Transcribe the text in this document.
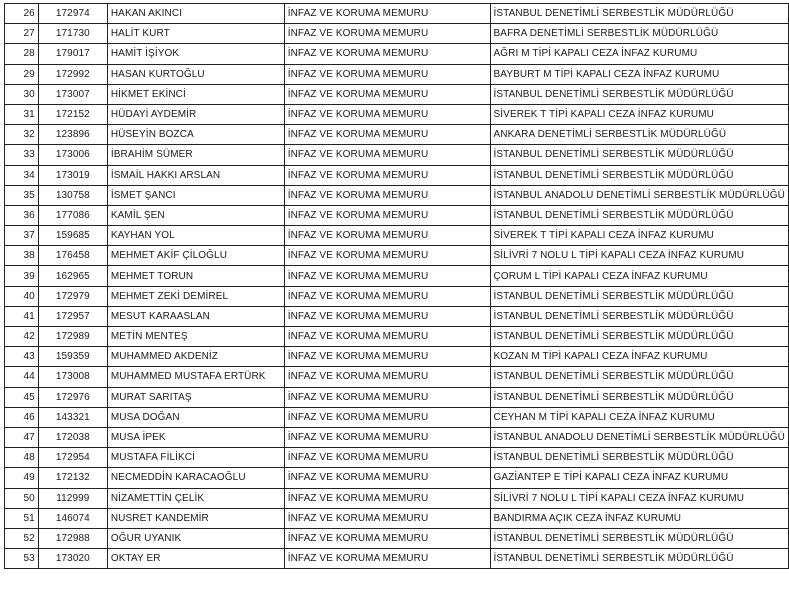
26	172974	HAKAN AKINCI	İNFAZ VE KORUMA MEMURU	İSTANBUL DENETİMLİ SERBESTLİK MÜDÜRLÜĞÜ
27	171730	HALİT KURT	İNFAZ VE KORUMA MEMURU	BAFRA DENETİMLİ SERBESTLİK MÜDÜRLÜĞÜ
28	179017	HAMİT İŞİYOK	İNFAZ VE KORUMA MEMURU	AĞRI M TİPİ KAPALI CEZA İNFAZ KURUMU
29	172992	HASAN KURTOĞLU	İNFAZ VE KORUMA MEMURU	BAYBURT M TİPİ KAPALI CEZA İNFAZ KURUMU
30	173007	HİKMET EKİNCİ	İNFAZ VE KORUMA MEMURU	İSTANBUL DENETİMLİ SERBESTLİK MÜDÜRLÜĞÜ
31	172152	HÜDAYİ AYDEMİR	İNFAZ VE KORUMA MEMURU	SİVEREK T TİPİ KAPALI CEZA İNFAZ KURUMU
32	123896	HÜSEYİN BOZCA	İNFAZ VE KORUMA MEMURU	ANKARA DENETİMLİ SERBESTLİK MÜDÜRLÜĞÜ
33	173006	İBRAHİM SÜMER	İNFAZ VE KORUMA MEMURU	İSTANBUL DENETİMLİ SERBESTLİK MÜDÜRLÜĞÜ
34	173019	İSMAİL HAKKI ARSLAN	İNFAZ VE KORUMA MEMURU	İSTANBUL DENETİMLİ SERBESTLİK MÜDÜRLÜĞÜ
35	130758	İSMET ŞANCI	İNFAZ VE KORUMA MEMURU	İSTANBUL ANADOLU DENETİMLİ SERBESTLİK MÜDÜRLÜĞÜ
36	177086	KAMİL ŞEN	İNFAZ VE KORUMA MEMURU	İSTANBUL DENETİMLİ SERBESTLİK MÜDÜRLÜĞÜ
37	159685	KAYHAN YOL	İNFAZ VE KORUMA MEMURU	SİVEREK T TİPİ KAPALI CEZA İNFAZ KURUMU
38	176458	MEHMET AKİF ÇİLOĞLU	İNFAZ VE KORUMA MEMURU	SİLİVRİ 7 NOLU L TİPİ KAPALI CEZA İNFAZ KURUMU
39	162965	MEHMET TORUN	İNFAZ VE KORUMA MEMURU	ÇORUM L TİPİ KAPALI CEZA İNFAZ KURUMU
40	172979	MEHMET ZEKİ DEMİREL	İNFAZ VE KORUMA MEMURU	İSTANBUL DENETİMLİ SERBESTLİK MÜDÜRLÜĞÜ
41	172957	MESUT KARAASLAN	İNFAZ VE KORUMA MEMURU	İSTANBUL DENETİMLİ SERBESTLİK MÜDÜRLÜĞÜ
42	172989	METİN MENTEŞ	İNFAZ VE KORUMA MEMURU	İSTANBUL DENETİMLİ SERBESTLİK MÜDÜRLÜĞÜ
43	159359	MUHAMMED AKDENİZ	İNFAZ VE KORUMA MEMURU	KOZAN M TİPİ KAPALI CEZA İNFAZ KURUMU
44	173008	MUHAMMED MUSTAFA ERTÜRK	İNFAZ VE KORUMA MEMURU	İSTANBUL DENETİMLİ SERBESTLİK MÜDÜRLÜĞÜ
45	172976	MURAT SARITAŞ	İNFAZ VE KORUMA MEMURU	İSTANBUL DENETİMLİ SERBESTLİK MÜDÜRLÜĞÜ
46	143321	MUSA DOĞAN	İNFAZ VE KORUMA MEMURU	CEYHAN M TİPİ KAPALI CEZA İNFAZ KURUMU
47	172038	MUSA İPEK	İNFAZ VE KORUMA MEMURU	İSTANBUL ANADOLU DENETİMLİ SERBESTLİK MÜDÜRLÜĞÜ
48	172954	MUSTAFA FİLİKCİ	İNFAZ VE KORUMA MEMURU	İSTANBUL DENETİMLİ SERBESTLİK MÜDÜRLÜĞÜ
49	172132	NECMEDDİN KARACAOĞLU	İNFAZ VE KORUMA MEMURU	GAZİANTEP E TİPİ KAPALI CEZA İNFAZ KURUMU
50	112999	NİZAMETTİN ÇELİK	İNFAZ VE KORUMA MEMURU	SİLİVRİ 7 NOLU L TİPİ KAPALI CEZA İNFAZ KURUMU
51	146074	NUSRET KANDEMİR	İNFAZ VE KORUMA MEMURU	BANDIRMA AÇIK CEZA İNFAZ KURUMU
52	172988	OĞUR UYANIK	İNFAZ VE KORUMA MEMURU	İSTANBUL DENETİMLİ SERBESTLİK MÜDÜRLÜĞÜ
53	173020	OKTAY ER	İNFAZ VE KORUMA MEMURU	İSTANBUL DENETİMLİ SERBESTLİK MÜDÜRLÜĞÜ
